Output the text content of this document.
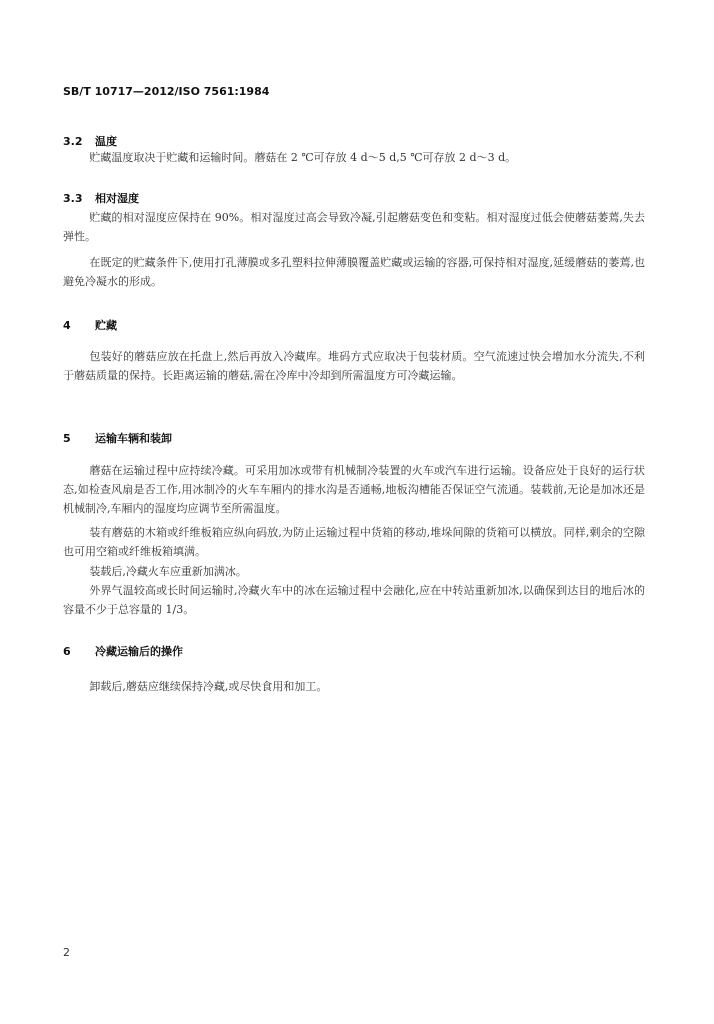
SB/T 10717—2012/ISO 7561:1984
3.2 温度

贮藏温度取决于贮藏和运输时间。蘑菇在 2 ℃可存放 4 d～5 d,5 ℃可存放 2 d～3 d。

3.3 相对湿度

贮藏的相对湿度应保持在 90%。相对湿度过高会导致冷凝,引起蘑菇变色和变粘。相对湿度过低会使蘑菇萎蔫,失去弹性。

在既定的贮藏条件下,使用打孔薄膜或多孔塑料拉伸薄膜覆盖贮藏或运输的容器,可保持相对湿度,延缓蘑菇的萎蔫,也避免冷凝水的形成。

4 贮藏

包装好的蘑菇应放在托盘上,然后再放入冷藏库。堆码方式应取决于包装材质。空气流速过快会增加水分流失,不利于蘑菇质量的保持。长距离运输的蘑菇,需在冷库中冷却到所需温度方可冷藏运输。

5 运输车辆和装卸

蘑菇在运输过程中应持续冷藏。可采用加冰或带有机械制冷装置的火车或汽车进行运输。设备应处于良好的运行状态,如检查风扇是否工作,用冰制冷的火车车厢内的排水沟是否通畅,地板沟槽能否保证空气流通。装载前,无论是加冰还是机械制冷,车厢内的湿度均应调节至所需温度。

装有蘑菇的木箱或纤维板箱应纵向码放,为防止运输过程中货箱的移动,堆垛间隙的货箱可以横放。同样,剩余的空隙也可用空箱或纤维板箱填满。

装载后,冷藏火车应重新加满冰。

外界气温较高或长时间运输时,冷藏火车中的冰在运输过程中会融化,应在中转站重新加冰,以确保到达目的地后冰的容量不少于总容量的 1/3。

6 冷藏运输后的操作

卸载后,蘑菇应继续保持冷藏,或尽快食用和加工。

2
